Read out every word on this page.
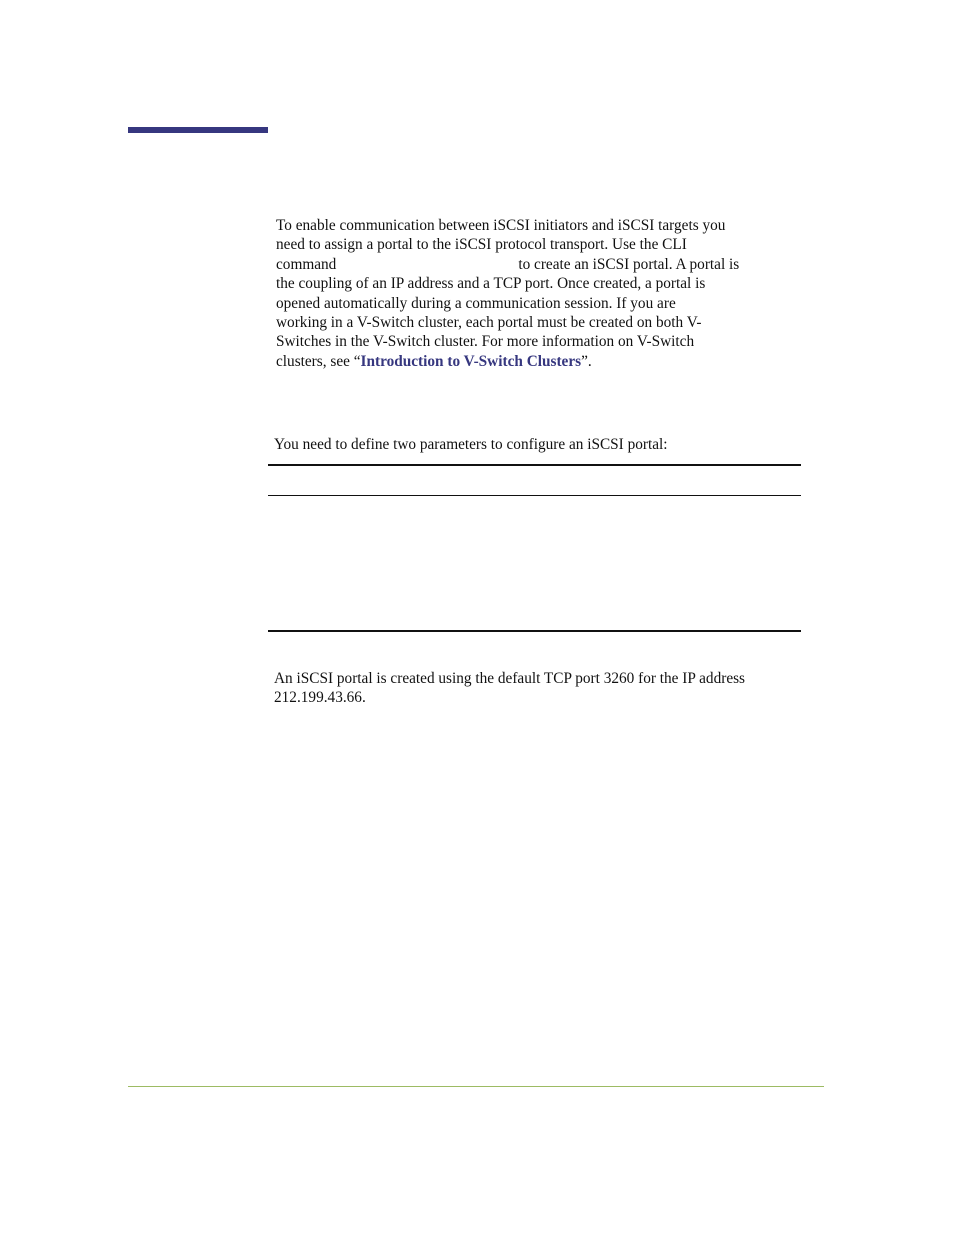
To enable communication between iSCSI initiators and iSCSI targets you
need to assign a portal to the iSCSI protocol transport. Use the CLI
command	to create an iSCSI portal. A portal is
the coupling of an IP address and a TCP port. Once created, a portal is
opened automatically during a communication session. If you are
working in a V-Switch cluster, each portal must be created on both V-
Switches in the V-Switch cluster. For more information on V-Switch
clusters, see “Introduction to V-Switch Clusters”.
You need to define two parameters to configure an iSCSI portal:
An iSCSI portal is created using the default TCP port 3260 for the IP address
212.199.43.66.
